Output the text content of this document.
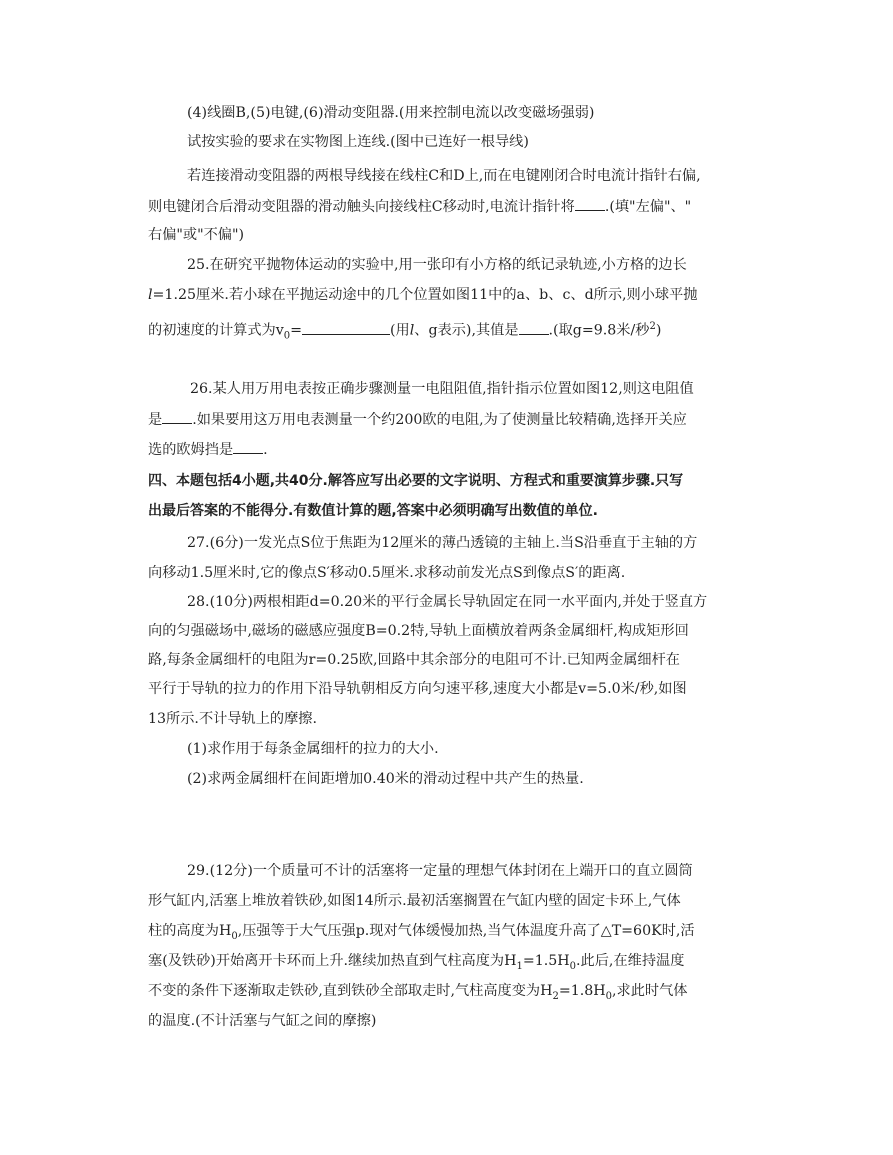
(4)线圈B,(5)电键,(6)滑动变阻器.(用来控制电流以改变磁场强弱)

试按实验的要求在实物图上连线.(图中已连好一根导线)

若连接滑动变阻器的两根导线接在线柱C和D上,而在电键刚闭合时电流计指针右偏,

则电键闭合后滑动变阻器的滑动触头向接线柱C移动时,电流计指针将 .(填"左偏"、"

右偏"或"不偏")

25.在研究平抛物体运动的实验中,用一张印有小方格的纸记录轨迹,小方格的边长

l=1.25厘米.若小球在平抛运动途中的几个位置如图11中的a、b、c、d所示,则小球平抛

的初速度的计算式为$v_0=$	(用l、g表示),其值是 .(取g=9.8米/秒$^2$)

26.某人用万用电表按正确步骤测量一电阻阻值,指针指示位置如图12,则这电阻值

是 .如果要用这万用电表测量一个约200欧的电阻,为了使测量比较精确,选择开关应

选的欧姆挡是 .

四、本题包括4小题,共40分.解答应写出必要的文字说明、方程式和重要演算步骤.只写

出最后答案的不能得分.有数值计算的题,答案中必须明确写出数值的单位.

27.(6分)一发光点S位于焦距为12厘米的薄凸透镜的主轴上.当S沿垂直于主轴的方

向移动1.5厘米时,它的像点S′移动0.5厘米.求移动前发光点S到像点S′的距离.

28.(10分)两根相距d=0.20米的平行金属长导轨固定在同一水平面内,并处于竖直方

向的匀强磁场中,磁场的磁感应强度B=0.2特,导轨上面横放着两条金属细杆,构成矩形回

路,每条金属细杆的电阻为r=0.25欧,回路中其余部分的电阻可不计.已知两金属细杆在

平行于导轨的拉力的作用下沿导轨朝相反方向匀速平移,速度大小都是v=5.0米/秒,如图

13所示.不计导轨上的摩擦.

(1)求作用于每条金属细杆的拉力的大小.

(2)求两金属细杆在间距增加0.40米的滑动过程中共产生的热量.

29.(12分)一个质量可不计的活塞将一定量的理想气体封闭在上端开口的直立圆筒

形气缸内,活塞上堆放着铁砂,如图14所示.最初活塞搁置在气缸内壁的固定卡环上,气体

柱的高度为$H_0$,压强等于大气压强p.现对气体缓慢加热,当气体温度升高了△T=60K时,活

塞(及铁砂)开始离开卡环而上升.继续加热直到气柱高度为$H_1=1.5H_0$.此后,在维持温度

不变的条件下逐渐取走铁砂,直到铁砂全部取走时,气柱高度变为$H_2=1.8H_0$,求此时气体

的温度.(不计活塞与气缸之间的摩擦)
